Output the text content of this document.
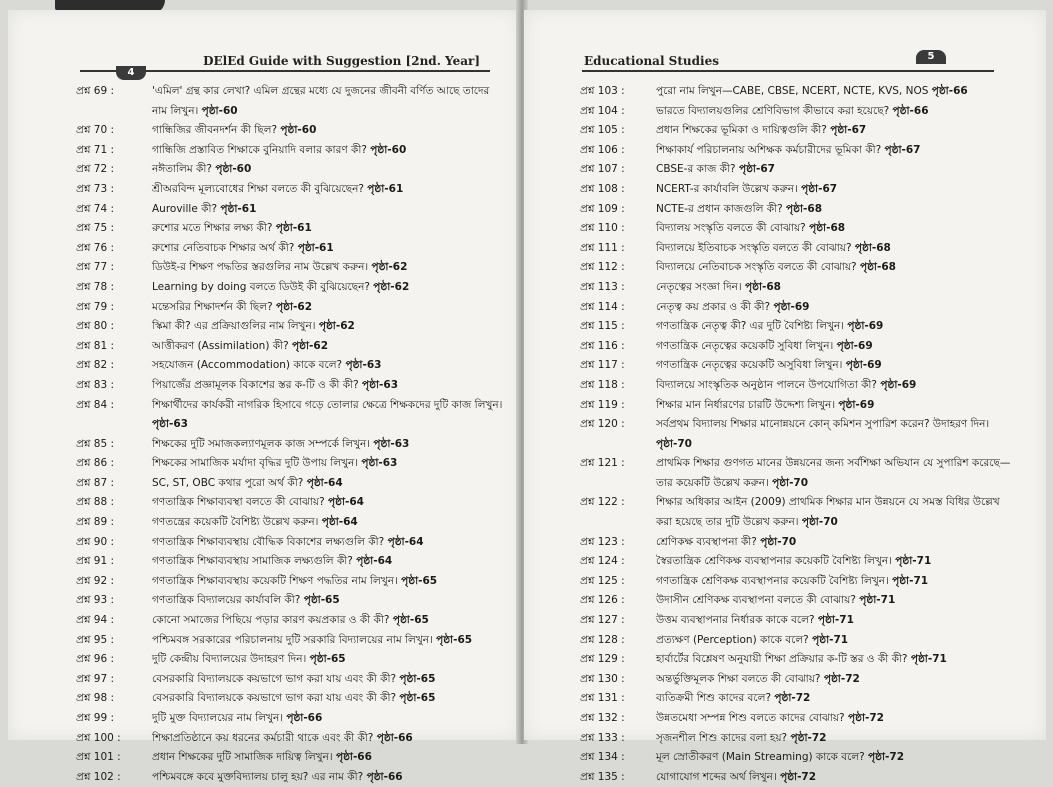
DElEd Guide with Suggestion [2nd. Year]
4
প্রশ্ন 69 :	'এমিল' গ্রন্থ কার লেখা? এমিল গ্রন্থের মধ্যে যে দুজনের জীবনী বর্ণিত আছে তাদের নাম লিখুন। পৃষ্ঠা-60
প্রশ্ন 70 :	গান্ধিজির জীবনদর্শন কী ছিল? পৃষ্ঠা-60
প্রশ্ন 71 :	গান্ধিজি প্রস্তাবিত শিক্ষাকে বুনিয়াদি বলার কারণ কী? পৃষ্ঠা-60
প্রশ্ন 72 :	নঈতালিম কী? পৃষ্ঠা-60
প্রশ্ন 73 :	শ্রীঅরবিন্দ মূল্যবোধের শিক্ষা বলতে কী বুঝিয়েছেন? পৃষ্ঠা-61
প্রশ্ন 74 :	Auroville কী? পৃষ্ঠা-61
প্রশ্ন 75 :	রুশোর মতে শিক্ষার লক্ষ্য কী? পৃষ্ঠা-61
প্রশ্ন 76 :	রুশোর নেতিবাচক শিক্ষার অর্থ কী? পৃষ্ঠা-61
প্রশ্ন 77 :	ডিউই-র শিক্ষণ পদ্ধতির স্তরগুলির নাম উল্লেখ করুন। পৃষ্ঠা-62
প্রশ্ন 78 :	Learning by doing বলতে ডিউই কী বুঝিয়েছেন? পৃষ্ঠা-62
প্রশ্ন 79 :	মন্তেসরির শিক্ষাদর্শন কী ছিল? পৃষ্ঠা-62
প্রশ্ন 80 :	স্কিমা কী? এর প্রক্রিয়াগুলির নাম লিখুন। পৃষ্ঠা-62
প্রশ্ন 81 :	আত্তীকরণ (Assimilation) কী? পৃষ্ঠা-62
প্রশ্ন 82 :	সহযোজন (Accommodation) কাকে বলে? পৃষ্ঠা-63
প্রশ্ন 83 :	পিয়াজেঁর প্রজ্ঞামূলক বিকাশের স্তর ক-টি ও কী কী? পৃষ্ঠা-63
প্রশ্ন 84 :	শিক্ষার্থীদের কার্যকরী নাগরিক হিসাবে গড়ে তোলার ক্ষেত্রে শিক্ষকদের দুটি কাজ লিখুন। পৃষ্ঠা-63
প্রশ্ন 85 :	শিক্ষকের দুটি সমাজকল্যাণমূলক কাজ সম্পর্কে লিখুন। পৃষ্ঠা-63
প্রশ্ন 86 :	শিক্ষকের সামাজিক মর্যাদা বৃদ্ধির দুটি উপায় লিখুন। পৃষ্ঠা-63
প্রশ্ন 87 :	SC, ST, OBC কথার পুরো অর্থ কী? পৃষ্ঠা-64
প্রশ্ন 88 :	গণতান্ত্রিক শিক্ষাব্যবস্থা বলতে কী বোঝায়? পৃষ্ঠা-64
প্রশ্ন 89 :	গণতন্ত্রের কয়েকটি বৈশিষ্ট্য উল্লেখ করুন। পৃষ্ঠা-64
প্রশ্ন 90 :	গণতান্ত্রিক শিক্ষাব্যবস্থায় বৌদ্ধিক বিকাশের লক্ষ্যগুলি কী? পৃষ্ঠা-64
প্রশ্ন 91 :	গণতান্ত্রিক শিক্ষাব্যবস্থায় সামাজিক লক্ষ্যগুলি কী? পৃষ্ঠা-64
প্রশ্ন 92 :	গণতান্ত্রিক শিক্ষাব্যবস্থায় কয়েকটি শিক্ষণ পদ্ধতির নাম লিখুন। পৃষ্ঠা-65
প্রশ্ন 93 :	গণতান্ত্রিক বিদ্যালয়ের কার্যাবলি কী? পৃষ্ঠা-65
প্রশ্ন 94 :	কোনো সমাজের পিছিয়ে পড়ার কারণ কয়প্রকার ও কী কী? পৃষ্ঠা-65
প্রশ্ন 95 :	পশ্চিমবঙ্গ সরকারের পরিচালনায় দুটি সরকারি বিদ্যালয়ের নাম লিখুন। পৃষ্ঠা-65
প্রশ্ন 96 :	দুটি কেন্দ্রীয় বিদ্যালয়ের উদাহরণ দিন। পৃষ্ঠা-65
প্রশ্ন 97 :	বেসরকারি বিদ্যালয়কে কয়ভাগে ভাগ করা যায় এবং কী কী? পৃষ্ঠা-65
প্রশ্ন 98 :	বেসরকারি বিদ্যালয়কে কয়ভাগে ভাগ করা যায় এবং কী কী? পৃষ্ঠা-65
প্রশ্ন 99 :	দুটি মুক্ত বিদ্যালয়ের নাম লিখুন। পৃষ্ঠা-66
প্রশ্ন 100 :	শিক্ষাপ্রতিষ্ঠানে কয় ধরনের কর্মচারী থাকে এবং কী কী? পৃষ্ঠা-66
প্রশ্ন 101 :	প্রধান শিক্ষকের দুটি সামাজিক দায়িত্ব লিখুন। পৃষ্ঠা-66
প্রশ্ন 102 :	পশ্চিমবঙ্গে কবে মুক্তবিদ্যালয় চালু হয়? এর নাম কী? পৃষ্ঠা-66
Educational Studies	5
প্রশ্ন 103 :	পুরো নাম লিখুন—CABE, CBSE, NCERT, NCTE, KVS, NOS পৃষ্ঠা-66
প্রশ্ন 104 :	ভারতে বিদ্যালয়গুলির শ্রেণিবিভাগ কীভাবে করা হয়েছে? পৃষ্ঠা-66
প্রশ্ন 105 :	প্রধান শিক্ষকের ভূমিকা ও দায়িত্বগুলি কী? পৃষ্ঠা-67
প্রশ্ন 106 :	শিক্ষাকার্য পরিচালনায় অশিক্ষক কর্মচারীদের ভূমিকা কী? পৃষ্ঠা-67
প্রশ্ন 107 :	CBSE-র কাজ কী? পৃষ্ঠা-67
প্রশ্ন 108 :	NCERT-র কার্যাবলি উল্লেখ করুন। পৃষ্ঠা-67
প্রশ্ন 109 :	NCTE-র প্রধান কাজগুলি কী? পৃষ্ঠা-68
প্রশ্ন 110 :	বিদ্যালয় সংস্কৃতি বলতে কী বোঝায়? পৃষ্ঠা-68
প্রশ্ন 111 :	বিদ্যালয়ে ইতিবাচক সংস্কৃতি বলতে কী বোঝায়? পৃষ্ঠা-68
প্রশ্ন 112 :	বিদ্যালয়ে নেতিবাচক সংস্কৃতি বলতে কী বোঝায়? পৃষ্ঠা-68
প্রশ্ন 113 :	নেতৃত্বের সংজ্ঞা দিন। পৃষ্ঠা-68
প্রশ্ন 114 :	নেতৃত্ব কয় প্রকার ও কী কী? পৃষ্ঠা-69
প্রশ্ন 115 :	গণতান্ত্রিক নেতৃত্ব কী? এর দুটি বৈশিষ্ট্য লিখুন। পৃষ্ঠা-69
প্রশ্ন 116 :	গণতান্ত্রিক নেতৃত্বের কয়েকটি সুবিধা লিখুন। পৃষ্ঠা-69
প্রশ্ন 117 :	গণতান্ত্রিক নেতৃত্বের কয়েকটি অসুবিধা লিখুন। পৃষ্ঠা-69
প্রশ্ন 118 :	বিদ্যালয়ে সাংস্কৃতিক অনুষ্ঠান পালনে উপযোগিতা কী? পৃষ্ঠা-69
প্রশ্ন 119 :	শিক্ষার মান নির্ধারণের চারটি উদ্দেশ্য লিখুন। পৃষ্ঠা-69
প্রশ্ন 120 :	সর্বপ্রথম বিদ্যালয় শিক্ষার মানোন্নয়নে কোন্ কমিশন সুপারিশ করেন? উদাহরণ দিন। পৃষ্ঠা-70
প্রশ্ন 121 :	প্রাথমিক শিক্ষার গুণগত মানের উন্নয়নের জন্য সর্বশিক্ষা অভিযান যে সুপারিশ করেছে—তার কয়েকটি উল্লেখ করুন। পৃষ্ঠা-70
প্রশ্ন 122 :	শিক্ষার অধিকার আইন (2009) প্রাথমিক শিক্ষার মান উন্নয়নে যে সমস্ত বিধির উল্লেখ করা হয়েছে তার দুটি উল্লেখ করুন। পৃষ্ঠা-70
প্রশ্ন 123 :	শ্রেণিকক্ষ ব্যবস্থাপনা কী? পৃষ্ঠা-70
প্রশ্ন 124 :	স্বৈরতান্ত্রিক শ্রেণিকক্ষ ব্যবস্থাপনার কয়েকটি বৈশিষ্ট্য লিখুন। পৃষ্ঠা-71
প্রশ্ন 125 :	গণতান্ত্রিক শ্রেণিকক্ষ ব্যবস্থাপনার কয়েকটি বৈশিষ্ট্য লিখুন। পৃষ্ঠা-71
প্রশ্ন 126 :	উদাসীন শ্রেণিকক্ষ ব্যবস্থাপনা বলতে কী বোঝায়? পৃষ্ঠা-71
প্রশ্ন 127 :	উত্তম ব্যবস্থাপনার নির্ধারক কাকে বলে? পৃষ্ঠা-71
প্রশ্ন 128 :	প্রত্যক্ষণ (Perception) কাকে বলে? পৃষ্ঠা-71
প্রশ্ন 129 :	হার্বার্টের বিশ্লেষণ অনুযায়ী শিক্ষা প্রক্রিয়ার ক-টি স্তর ও কী কী? পৃষ্ঠা-71
প্রশ্ন 130 :	অন্তর্ভুক্তিমূলক শিক্ষা বলতে কী বোঝায়? পৃষ্ঠা-72
প্রশ্ন 131 :	ব্যতিক্রমী শিশু কাদের বলে? পৃষ্ঠা-72
প্রশ্ন 132 :	উন্নতমেধা সম্পন্ন শিশু বলতে কাদের বোঝায়? পৃষ্ঠা-72
প্রশ্ন 133 :	সৃজনশীল শিশু কাদের বলা হয়? পৃষ্ঠা-72
প্রশ্ন 134 :	মূল স্রোতীকরণ (Main Streaming) কাকে বলে? পৃষ্ঠা-72
প্রশ্ন 135 :	যোগাযোগ শব্দের অর্থ লিখুন। পৃষ্ঠা-72
